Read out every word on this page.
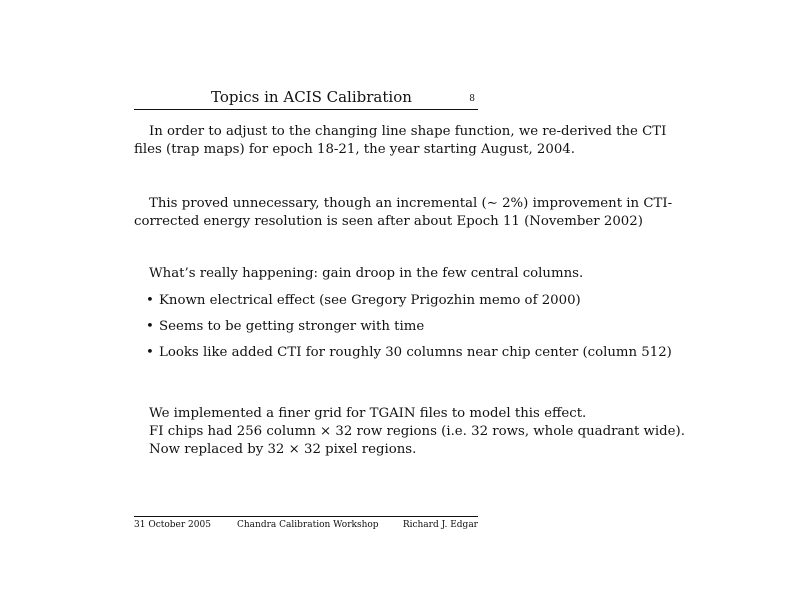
Topics in ACIS Calibration	8

In order to adjust to the changing line shape function, we re-derived the CTI files (trap maps) for epoch 18-21, the year starting August, 2004.

This proved unnecessary, though an incremental (∼ 2%) improvement in CTI-corrected energy resolution is seen after about Epoch 11 (November 2002)

What’s really happening: gain droop in the few central columns.

• Known electrical effect (see Gregory Prigozhin memo of 2000)
• Seems to be getting stronger with time
• Looks like added CTI for roughly 30 columns near chip center (column 512)
We implemented a finer grid for TGAIN files to model this effect.
FI chips had 256 column × 32 row regions (i.e. 32 rows, whole quadrant wide).
Now replaced by 32 × 32 pixel regions.
31 October 2005	Chandra Calibration Workshop	Richard J. Edgar
